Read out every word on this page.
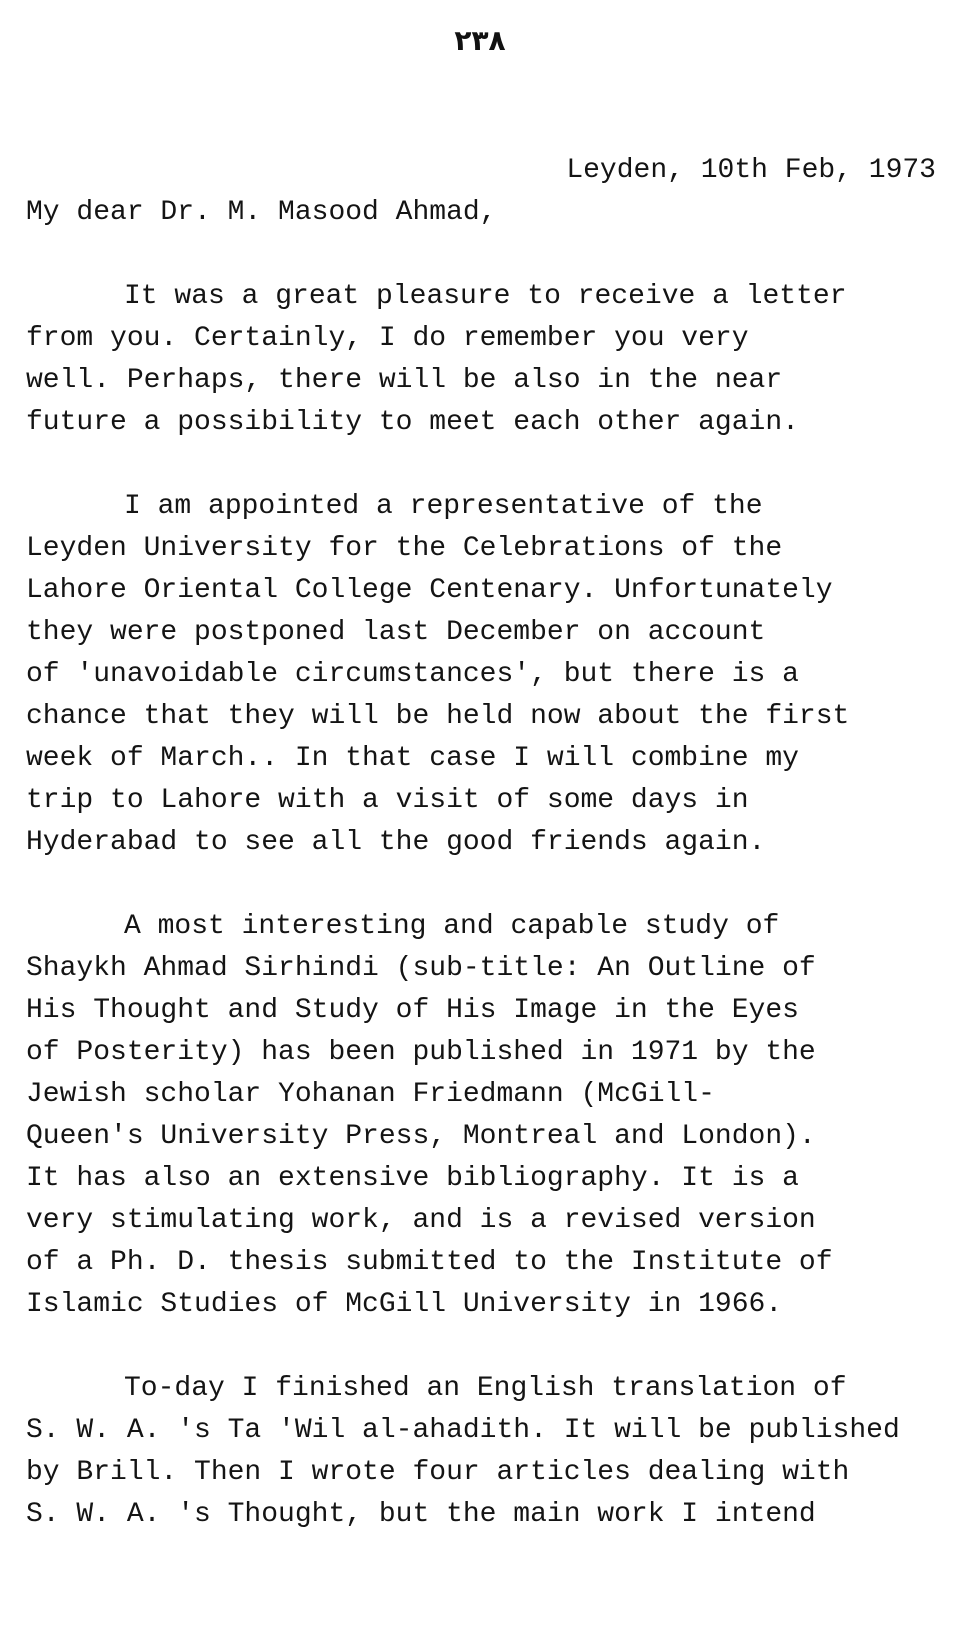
٢٣٨
Leyden, 10th Feb, 1973
My dear Dr. M. Masood Ahmad,
It was a great pleasure to receive a letter
from you. Certainly, I do remember you very
well. Perhaps, there will be also in the near
future a possibility to meet each other again.
I am appointed a representative of the
Leyden University for the Celebrations of the
Lahore Oriental College Centenary. Unfortunately
they were postponed last December on account
of 'unavoidable circumstances', but there is a
chance that they will be held now about the first
week of March.. In that case I will combine my
trip to Lahore with a visit of some days in
Hyderabad to see all the good friends again.
A most interesting and capable study of
Shaykh Ahmad Sirhindi (sub-title: An Outline of
His Thought and Study of His Image in the Eyes
of Posterity) has been published in 1971 by the
Jewish scholar Yohanan Friedmann (McGill-
Queen's University Press, Montreal and London).
It has also an extensive bibliography. It is a
very stimulating work, and is a revised version
of a Ph. D. thesis submitted to the Institute of
Islamic Studies of McGill University in 1966.
To-day I finished an English translation of
S. W. A. 's Ta 'Wil al-ahadith. It will be published
by Brill. Then I wrote four articles dealing with
S. W. A. 's Thought, but the main work I intend
